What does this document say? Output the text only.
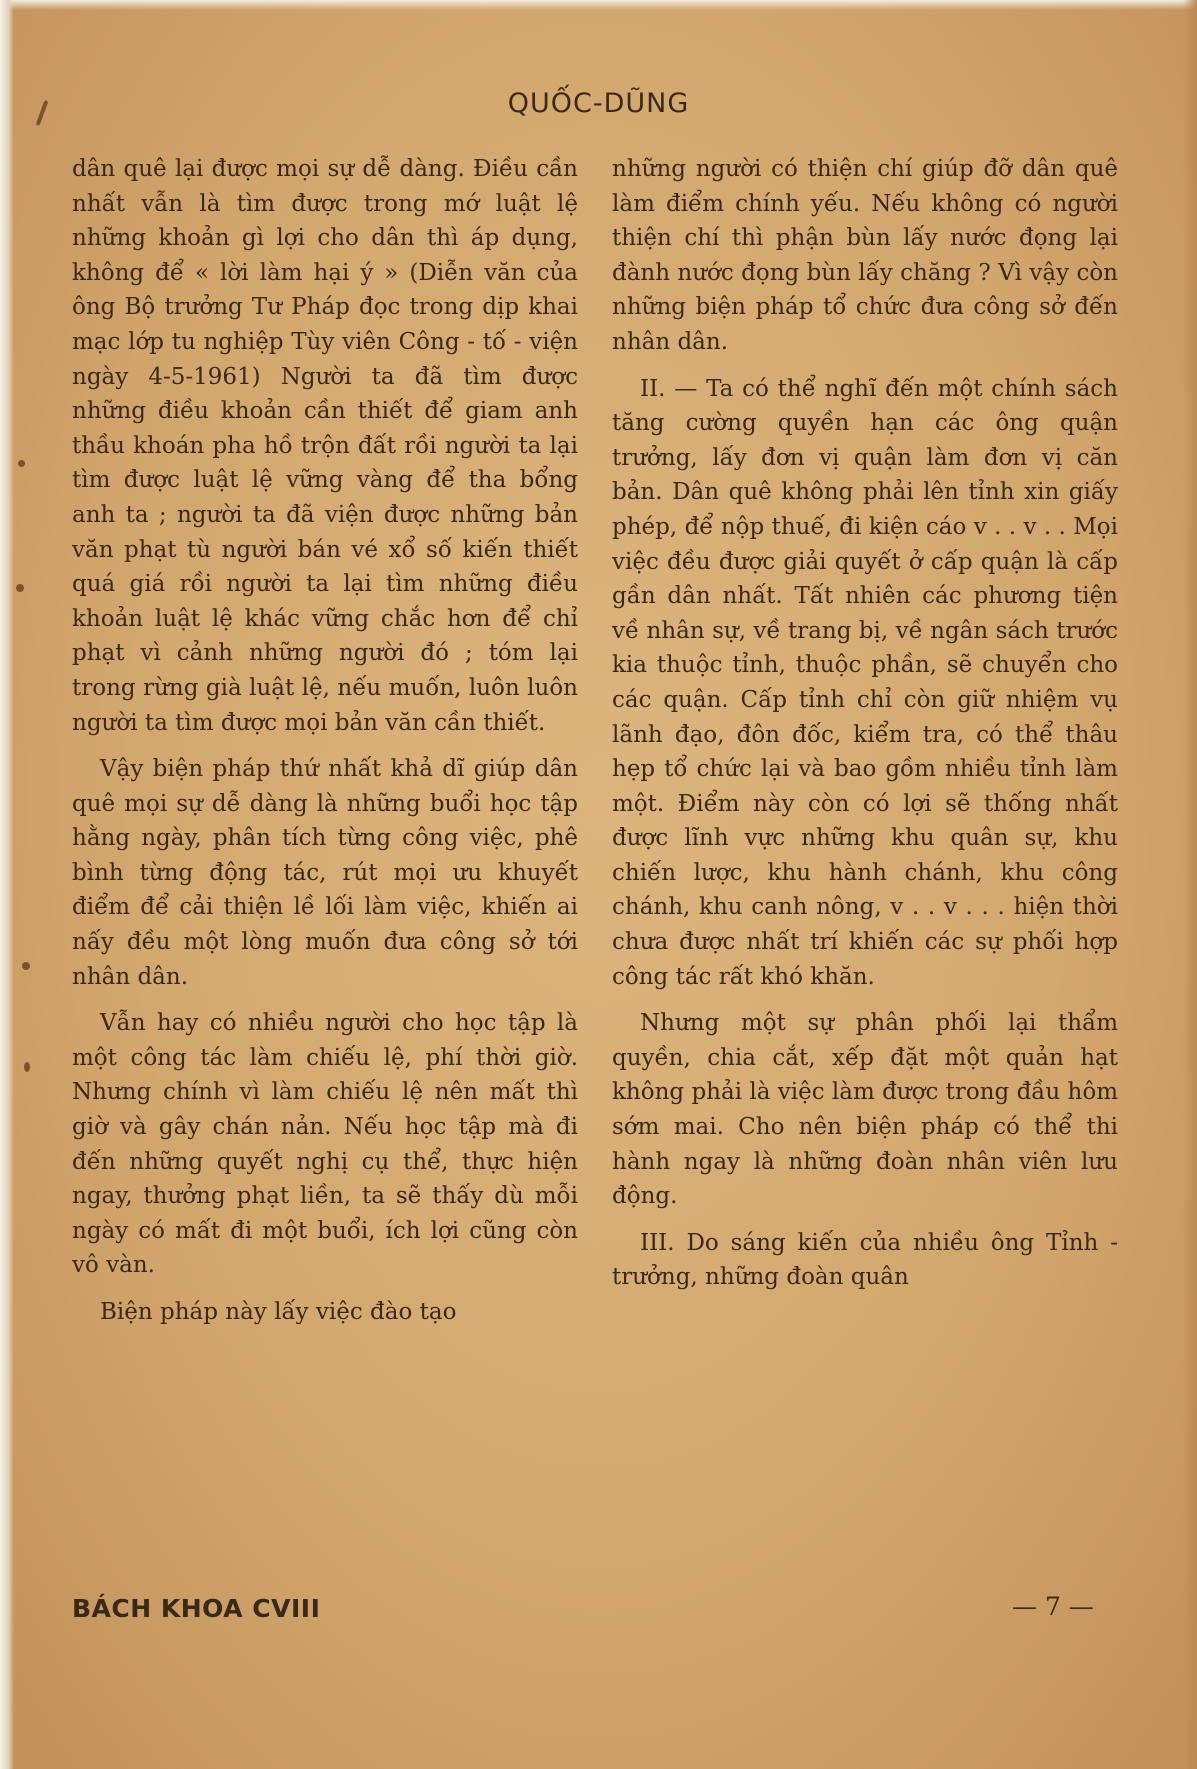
QUỐC-DŨNG

dân quê lại được mọi sự dễ dàng. Điều cần nhất vẫn là tìm được trong mớ luật lệ những khoản gì lợi cho dân thì áp dụng, không để « lời làm hại ý » (Diễn văn của ông Bộ trưởng Tư Pháp đọc trong dịp khai mạc lớp tu nghiệp Tùy viên Công - tố - viện ngày 4-5-1961) Người ta đã tìm được những điều khoản cần thiết để giam anh thầu khoán pha hồ trộn đất rồi người ta lại tìm được luật lệ vững vàng để tha bổng anh ta ; người ta đã viện được những bản văn phạt tù người bán vé xổ số kiến thiết quá giá rồi người ta lại tìm những điều khoản luật lệ khác vững chắc hơn để chỉ phạt vì cảnh những người đó ; tóm lại trong rừng già luật lệ, nếu muốn, luôn luôn người ta tìm được mọi bản văn cần thiết.

Vậy biện pháp thứ nhất khả dĩ giúp dân quê mọi sự dễ dàng là những buổi học tập hằng ngày, phân tích từng công việc, phê bình từng động tác, rút mọi ưu khuyết điểm để cải thiện lề lối làm việc, khiến ai nấy đều một lòng muốn đưa công sở tới nhân dân.

Vẫn hay có nhiều người cho học tập là một công tác làm chiếu lệ, phí thời giờ. Nhưng chính vì làm chiếu lệ nên mất thì giờ và gây chán nản. Nếu học tập mà đi đến những quyết nghị cụ thể, thực hiện ngay, thưởng phạt liền, ta sẽ thấy dù mỗi ngày có mất đi một buổi, ích lợi cũng còn vô vàn.

Biện pháp này lấy việc đào tạo

những người có thiện chí giúp đỡ dân quê làm điểm chính yếu. Nếu không có người thiện chí thì phận bùn lấy nước đọng lại đành nước đọng bùn lấy chăng ? Vì vậy còn những biện pháp tổ chức đưa công sở đến nhân dân.

II. — Ta có thể nghĩ đến một chính sách tăng cường quyền hạn các ông quận trưởng, lấy đơn vị quận làm đơn vị căn bản. Dân quê không phải lên tỉnh xin giấy phép, để nộp thuế, đi kiện cáo v . . v . . Mọi việc đều được giải quyết ở cấp quận là cấp gần dân nhất. Tất nhiên các phương tiện về nhân sự, về trang bị, về ngân sách trước kia thuộc tỉnh, thuộc phần, sẽ chuyển cho các quận. Cấp tỉnh chỉ còn giữ nhiệm vụ lãnh đạo, đôn đốc, kiểm tra, có thể thâu hẹp tổ chức lại và bao gồm nhiều tỉnh làm một. Điểm này còn có lợi sẽ thống nhất được lĩnh vực những khu quân sự, khu chiến lược, khu hành chánh, khu công chánh, khu canh nông, v . . v . . . hiện thời chưa được nhất trí khiến các sự phối hợp công tác rất khó khăn.

Nhưng một sự phân phối lại thẩm quyền, chia cắt, xếp đặt một quản hạt không phải là việc làm được trong đầu hôm sớm mai. Cho nên biện pháp có thể thi hành ngay là những đoàn nhân viên lưu động.

III. Do sáng kiến của nhiều ông Tỉnh - trưởng, những đoàn quân

BÁCH KHOA CVIII	— 7 —
